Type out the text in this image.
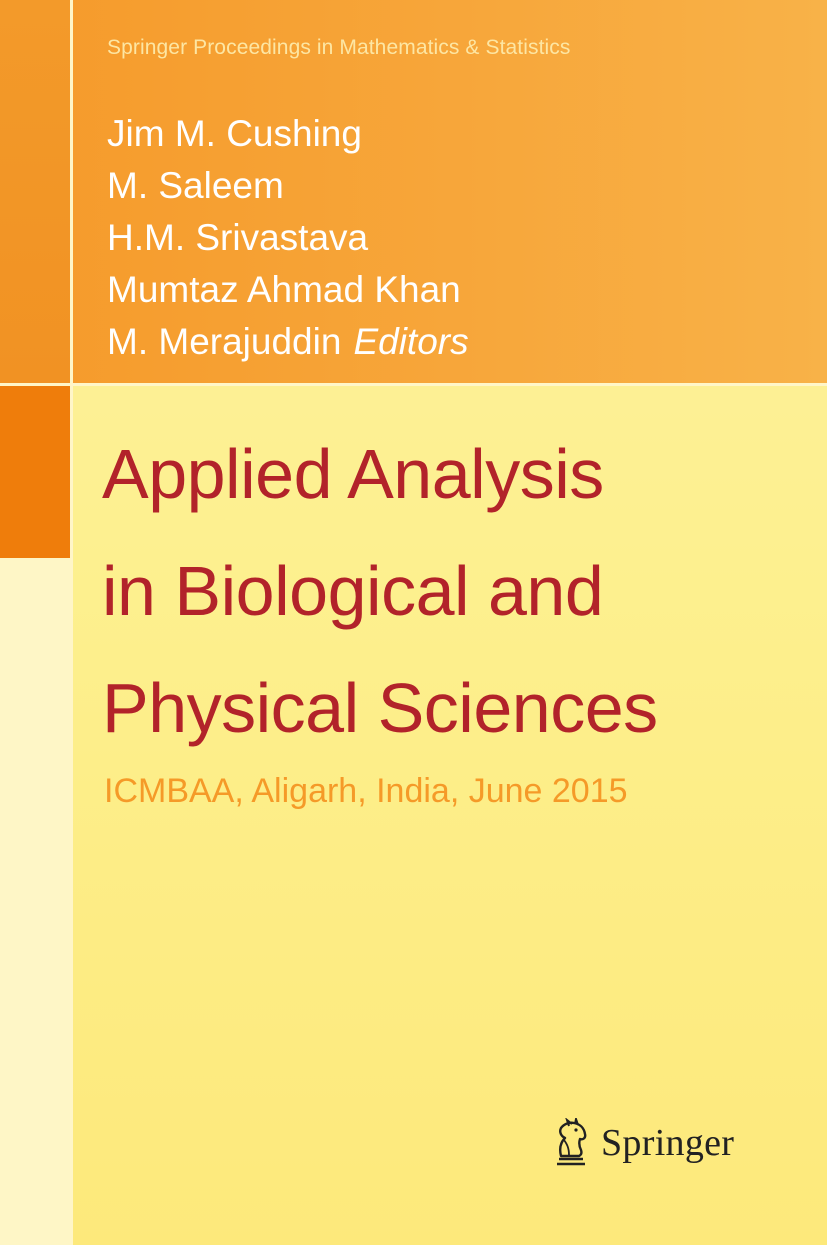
Springer Proceedings in Mathematics & Statistics
Jim M. Cushing
M. Saleem
H.M. Srivastava
Mumtaz Ahmad Khan
M. Merajuddin Editors
Applied Analysis
in Biological and
Physical Sciences
ICMBAA, Aligarh, India, June 2015
Springer
